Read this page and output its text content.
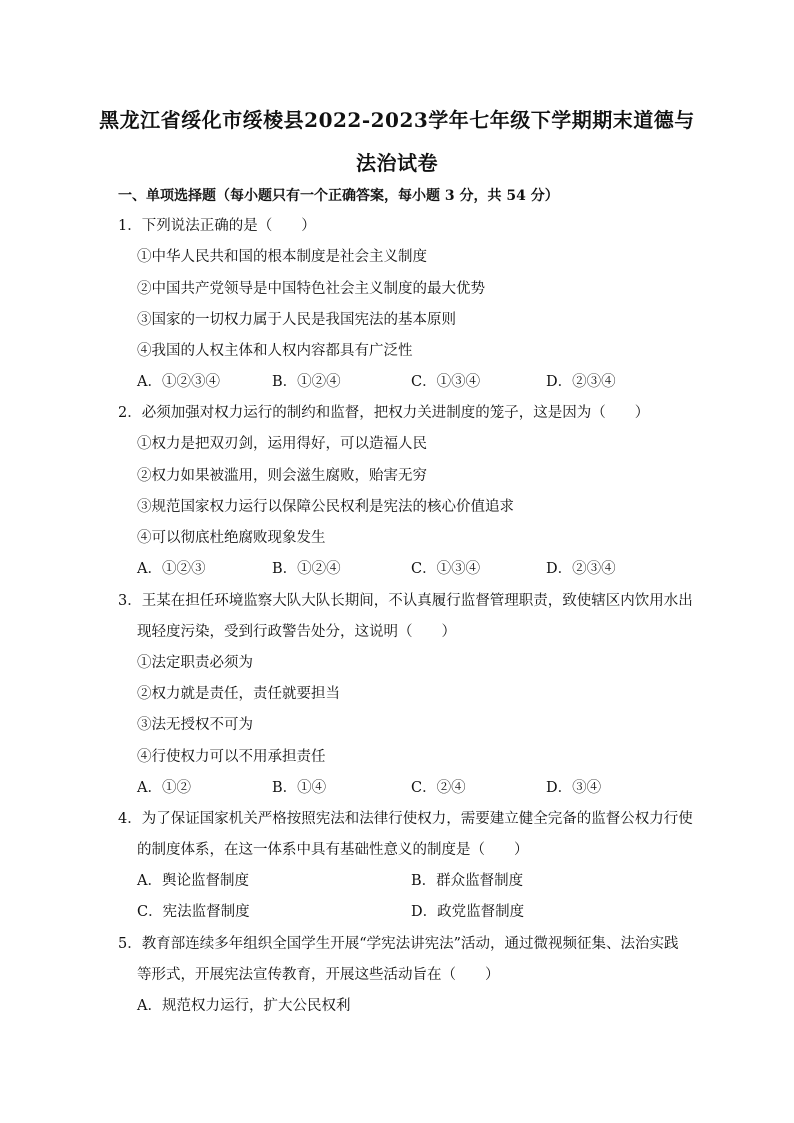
黑龙江省绥化市绥棱县2022-2023学年七年级下学期期末道德与
法治试卷
一、单项选择题（每小题只有一个正确答案，每小题 3 分，共 54 分）
1．下列说法正确的是（　　）
①中华人民共和国的根本制度是社会主义制度
②中国共产党领导是中国特色社会主义制度的最大优势
③国家的一切权力属于人民是我国宪法的基本原则
④我国的人权主体和人权内容都具有广泛性
A．①②③④	B．①②④	C．①③④	D．②③④
2．必须加强对权力运行的制约和监督，把权力关进制度的笼子，这是因为（　　）
①权力是把双刃剑，运用得好，可以造福人民
②权力如果被滥用，则会滋生腐败，贻害无穷
③规范国家权力运行以保障公民权利是宪法的核心价值追求
④可以彻底杜绝腐败现象发生
A．①②③	B．①②④	C．①③④	D．②③④
3．王某在担任环境监察大队大队长期间，不认真履行监督管理职责，致使辖区内饮用水出
现轻度污染，受到行政警告处分，这说明（　　）
①法定职责必须为
②权力就是责任，责任就要担当
③法无授权不可为
④行使权力可以不用承担责任
A．①②	B．①④	C．②④	D．③④
4．为了保证国家机关严格按照宪法和法律行使权力，需要建立健全完备的监督公权力行使
的制度体系，在这一体系中具有基础性意义的制度是（　　）
A．舆论监督制度	B．群众监督制度
C．宪法监督制度	D．政党监督制度
5．教育部连续多年组织全国学生开展“学宪法讲宪法”活动，通过微视频征集、法治实践
等形式，开展宪法宣传教育，开展这些活动旨在（　　）
A．规范权力运行，扩大公民权利
